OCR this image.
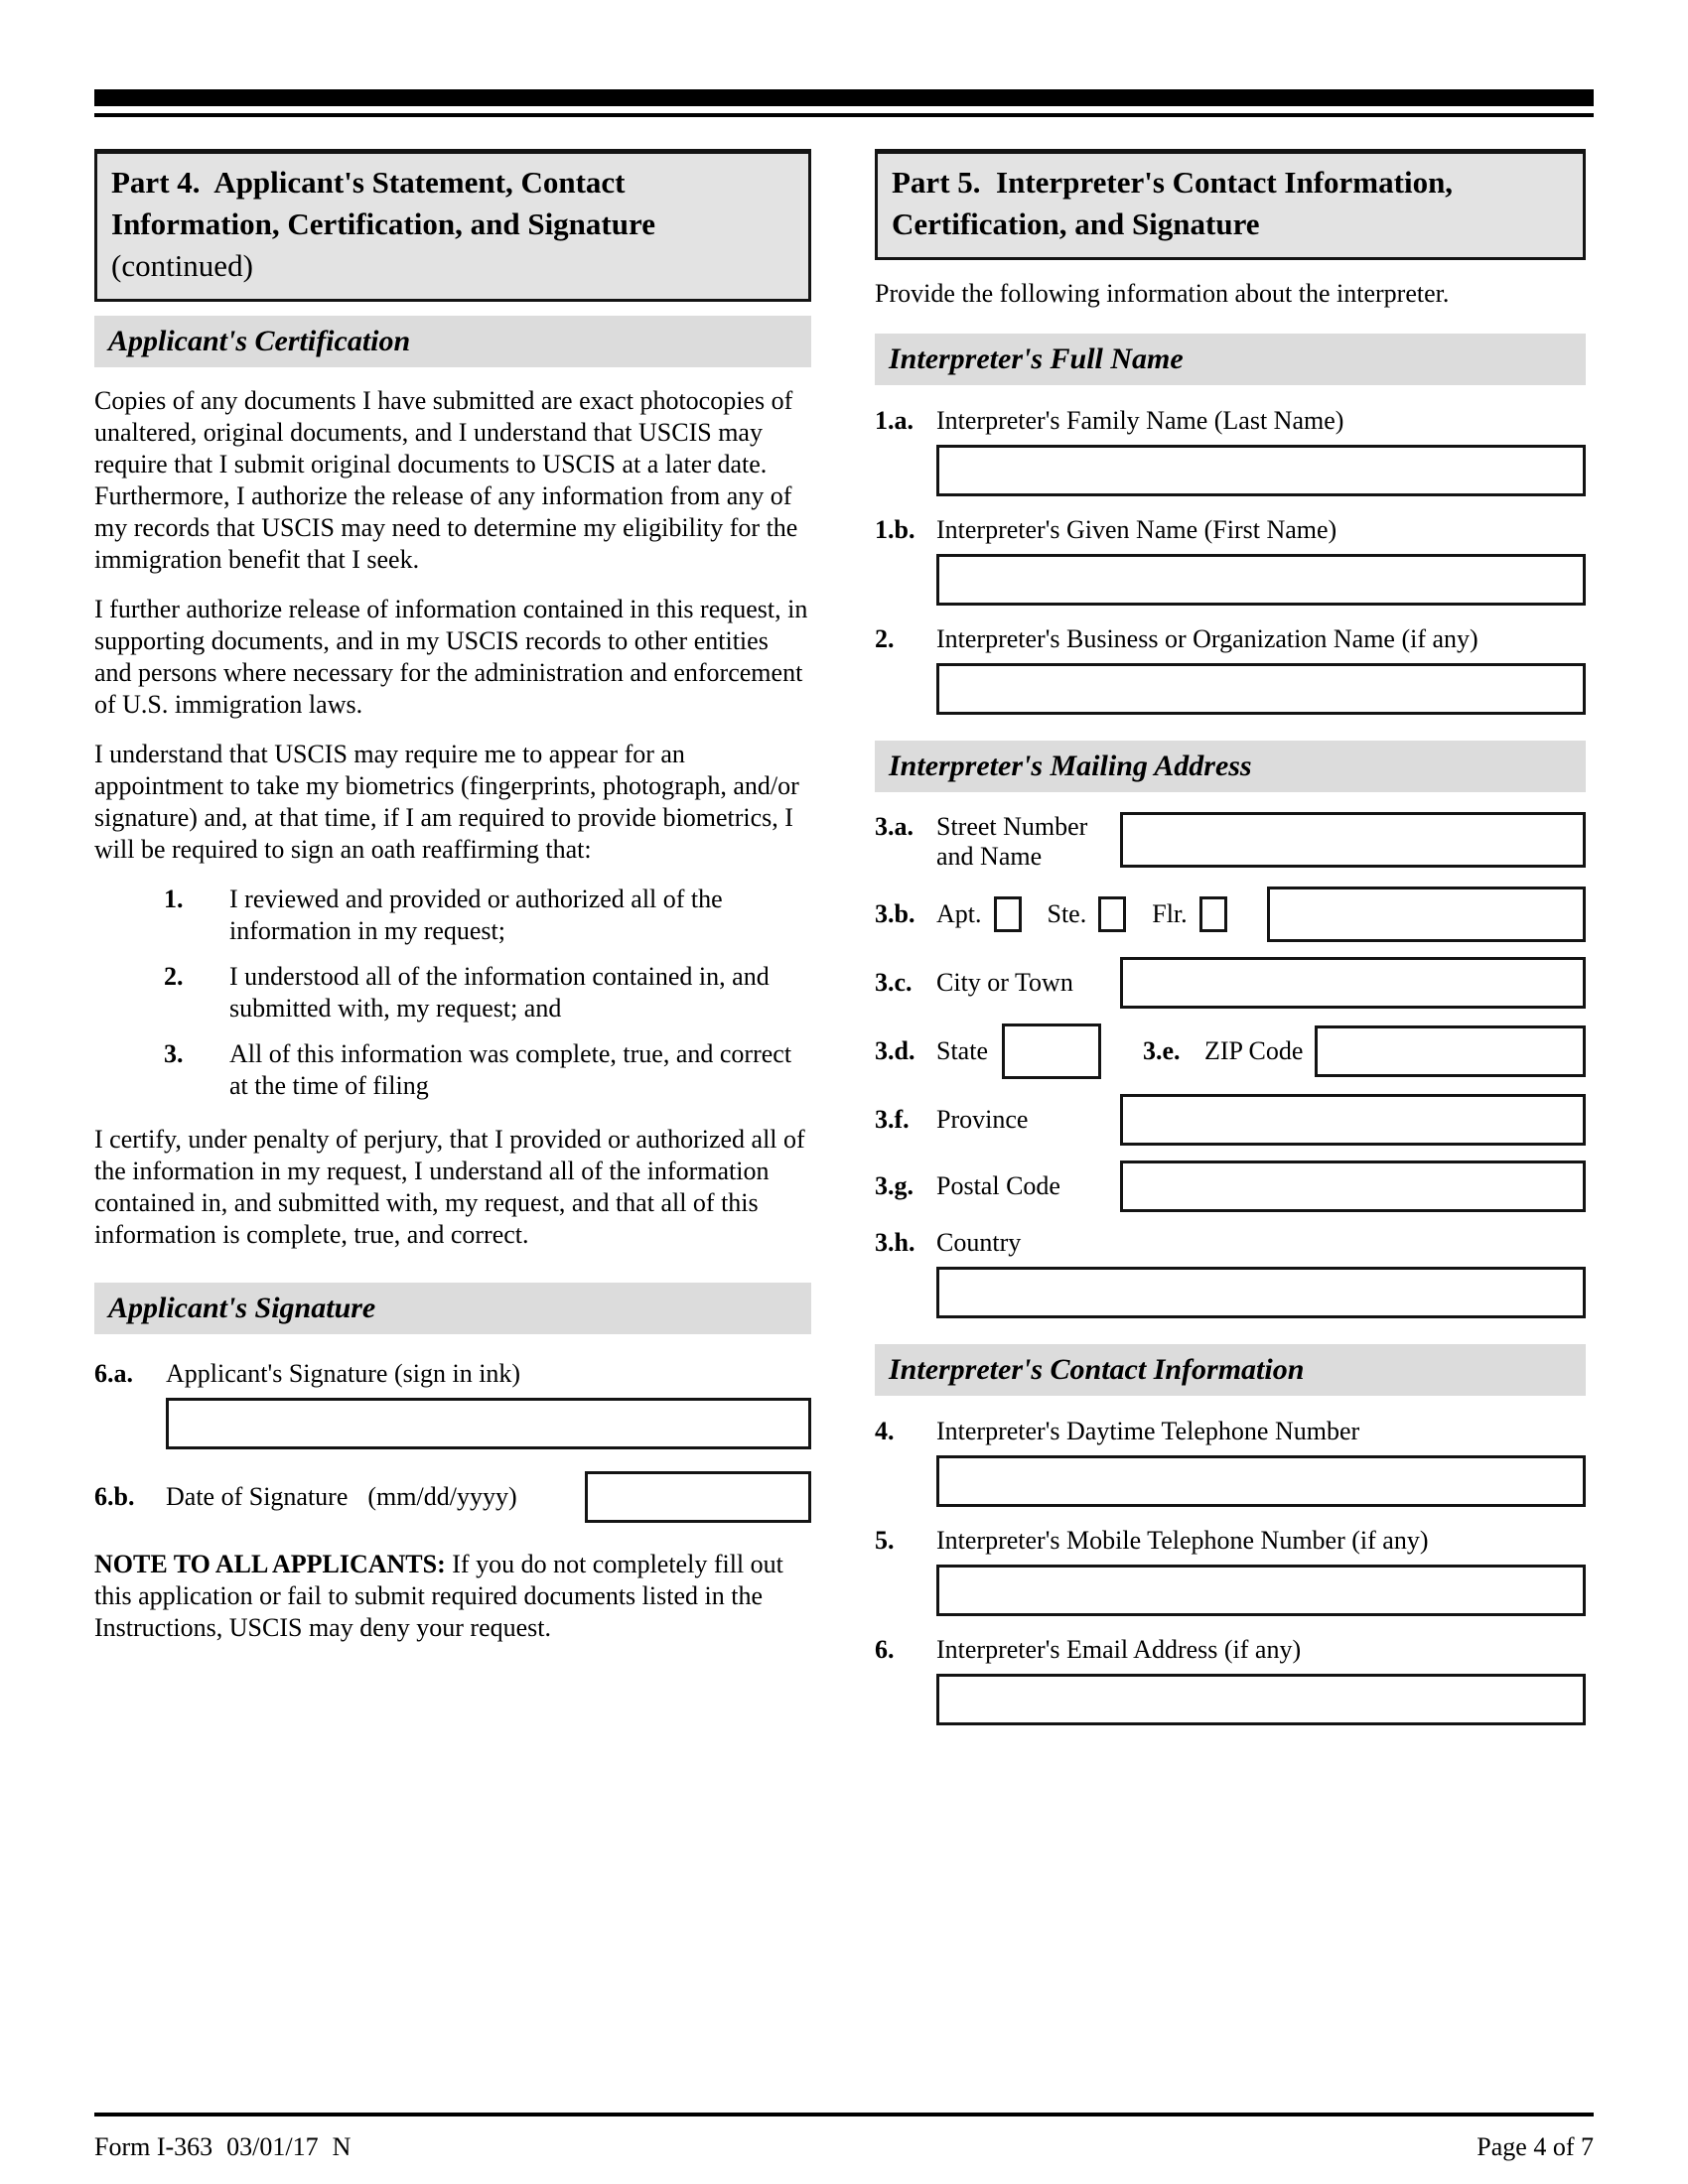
Part 4.  Applicant's Statement, Contact Information, Certification, and Signature
(continued)
Applicant's Certification

Copies of any documents I have submitted are exact photocopies of unaltered, original documents, and I understand that USCIS may require that I submit original documents to USCIS at a later date.  Furthermore, I authorize the release of any information from any of my records that USCIS may need to determine my eligibility for the immigration benefit that I seek.

I further authorize release of information contained in this request, in supporting documents, and in my USCIS records to other entities and persons where necessary for the administration and enforcement of U.S. immigration laws.

I understand that USCIS may require me to appear for an appointment to take my biometrics (fingerprints, photograph, and/or signature) and, at that time, if I am required to provide biometrics, I will be required to sign an oath reaffirming that:

1.	I reviewed and provided or authorized all of the information in my request;
2.	I understood all of the information contained in, and submitted with, my request; and
3.	All of this information was complete, true, and correct at the time of filing

I certify, under penalty of perjury, that I provided or authorized all of the information in my request, I understand all of the information contained in, and submitted with, my request, and that all of this information is complete, true, and correct.

Applicant's Signature
6.a.	Applicant's Signature (sign in ink)
6.b.	Date of Signature (mm/dd/yyyy)

NOTE TO ALL APPLICANTS: If you do not completely fill out this application or fail to submit required documents listed in the Instructions, USCIS may deny your request.

Part 5.  Interpreter's Contact Information, Certification, and Signature

Provide the following information about the interpreter.

Interpreter's Full Name
1.a. Interpreter's Family Name (Last Name)
1.b. Interpreter's Given Name (First Name)
2.	Interpreter's Business or Organization Name (if any)
Interpreter's Mailing Address
3.a. Street Number and Name
3.b. Apt.	Ste.	Flr.
3.c. City or Town
3.d. State	3.e. ZIP Code
3.f.	Province
3.g. Postal Code
3.h. Country
Interpreter's Contact Information
4.	Interpreter's Daytime Telephone Number
5.	Interpreter's Mobile Telephone Number (if any)
6.	Interpreter's Email Address (if any)
Form I-363 03/01/17 N	Page 4 of 7
